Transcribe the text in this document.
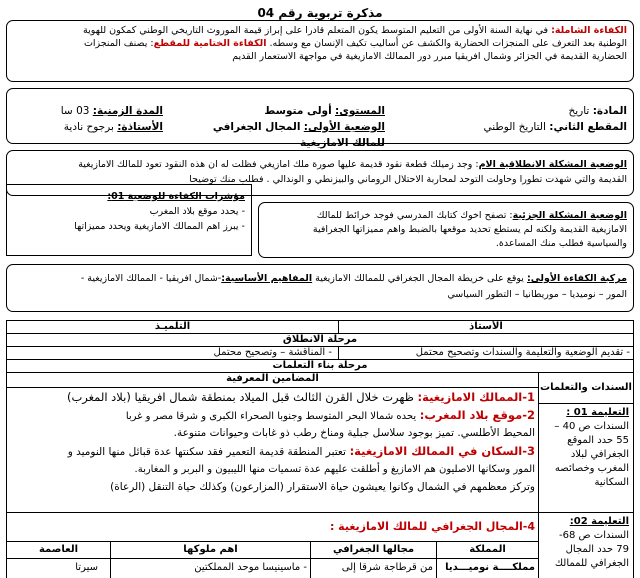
مذكرة تربوية رقم 04
الكفاءة الشاملة: في نهاية السنة الأولى من التعليم المتوسط يكون المتعلم قادرا على إبراز قيمة الموروث التاريخي الوطني كمكون للهوية
الوطنية بعد التعرف على المنجزات الحضارية والكشف عن أساليب تكيف الإنسان مع وسطه. الكفاءة الختامية للمقطع: يصنف المنجزات
الحضارية القديمة في الجزائر وشمال افريقيا مبرر دور الممالك الامازيغية في مواجهة الاستعمار القديم
المادة: تاريخ
المقطع الثاني: التاريخ الوطني
المستوى: أولى متوسط
الوضعية الأولى: المجال الجغرافي للمالك الامازيغية
المدة الزمنية: 03 سا
الأستاذة: برجوح نادية
الوضعية المشكلة الانطلاقية الام: وجد زميلك قطعة نقود قديمة عليها صورة ملك امازيغي فظلت له ان هذه النقود تعود للمالك الامازيغية
القديمة والتي شهدت تطورا وحاولت التوحد لمحاربة الاحتلال الروماني والبيزنطي و الوندالي . فطلب منك توضيحا
الوضعية المشكلة الجزئية: تصفح اخوك كتابك المدرسي فوجد خرائط للمالك
الامازيغية القديمة ولكنه لم يستطع تحديد موقعها بالضبط واهم مميزاتها الجغرافية
والسياسية فطلب منك المساعدة.
مؤشرات الكفاءة للوضعية 01:
- يحدد موقع بلاد المغرب
- يبرز اهم الممالك الامازيغية ويحدد مميزاتها
مركبة الكفاءة الأولى: يوقع على خريطة المجال الجغرافي للممالك الامازيغية المفاهيم الأساسية:-شمال افريقيا - الممالك الامازيغية -
المور – نوميديا – موريطانيا – التطور السياسي
الأستاذ
التلميـذ
مرحلة الانطلاق
- تقديم الوضعية والتعليمة والسندات وتصحيح محتمل
- المناقشة – وتصحيح محتمل
مرحلة بناء التعلمات
السندات والتعلمات
المضامين المعرفية
التعليمة 01 :
السندات ص 40 –
55 حدد الموقع
الجغرافي لبلاد
المغرب وخصائصه
السكانية
التعليمة 02:
السندات ص 68-
79 حدد المجال
الجغرافي للممالك
1-الممالك الامازيغية: ظهرت خلال القرن الثالث قبل الميلاد بمنطقة شمال افريقيا (بلاد المغرب)
2-موقع بلاد المغرب: يحده شمالا البحر المتوسط وجنوبا الصحراء الكبرى و شرقا مصر و غربا
المحيط الأطلسي. تميز بوجود سلاسل جبلية ومناخ رطب ذو غابات وحيوانات متنوعة.
3-السكان في الممالك الامازيغية: تعتبر المنطقة قديمة التعمير فقد سكنتها عدة قبائل منها النوميد و
المور وسكانها الاصليون هم الامازيغ و أطلقت عليهم عدة تسميات منها الليبيون و البربر و المغاربة.
وتركز معظمهم في الشمال وكانوا يعيشون حياة الاستقرار (المزارعون) وكذلك حياة التنقل (الرعاة)
4-المجال الجغرافي للمالك الامازيغية :
المملكة
مجالها الجغرافي
اهم ملوكها
العاصمة
مملكــــة نوميـــديا
من قرطاجة شرقا إلى
- ماسينيسا موحد المملكتين
سيرتا
